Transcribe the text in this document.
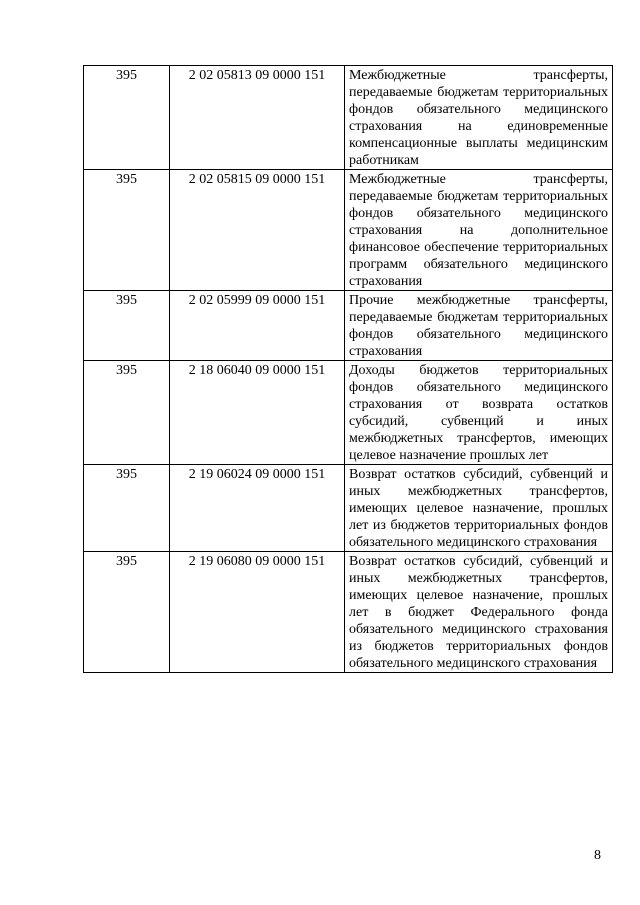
395	2 02 05813 09 0000 151	Межбюджетные трансферты, передаваемые бюджетам территориальных фондов обязательного медицинского страхования на единовременные компенсационные выплаты медицинским работникам
395	2 02 05815 09 0000 151	Межбюджетные трансферты, передаваемые бюджетам территориальных фондов обязательного медицинского страхования на дополнительное финансовое обеспечение территориальных программ обязательного медицинского страхования
395	2 02 05999 09 0000 151	Прочие межбюджетные трансферты, передаваемые бюджетам территориальных фондов обязательного медицинского страхования
395	2 18 06040 09 0000 151	Доходы бюджетов территориальных фондов обязательного медицинского страхования от возврата остатков субсидий, субвенций и иных межбюджетных трансфертов, имеющих целевое назначение прошлых лет
395	2 19 06024 09 0000 151	Возврат остатков субсидий, субвенций и иных межбюджетных трансфертов, имеющих целевое назначение, прошлых лет из бюджетов территориальных фондов обязательного медицинского страхования
395	2 19 06080 09 0000 151	Возврат остатков субсидий, субвенций и иных межбюджетных трансфертов, имеющих целевое назначение, прошлых лет в бюджет Федерального фонда обязательного медицинского страхования из бюджетов территориальных фондов обязательного медицинского страхования
8
